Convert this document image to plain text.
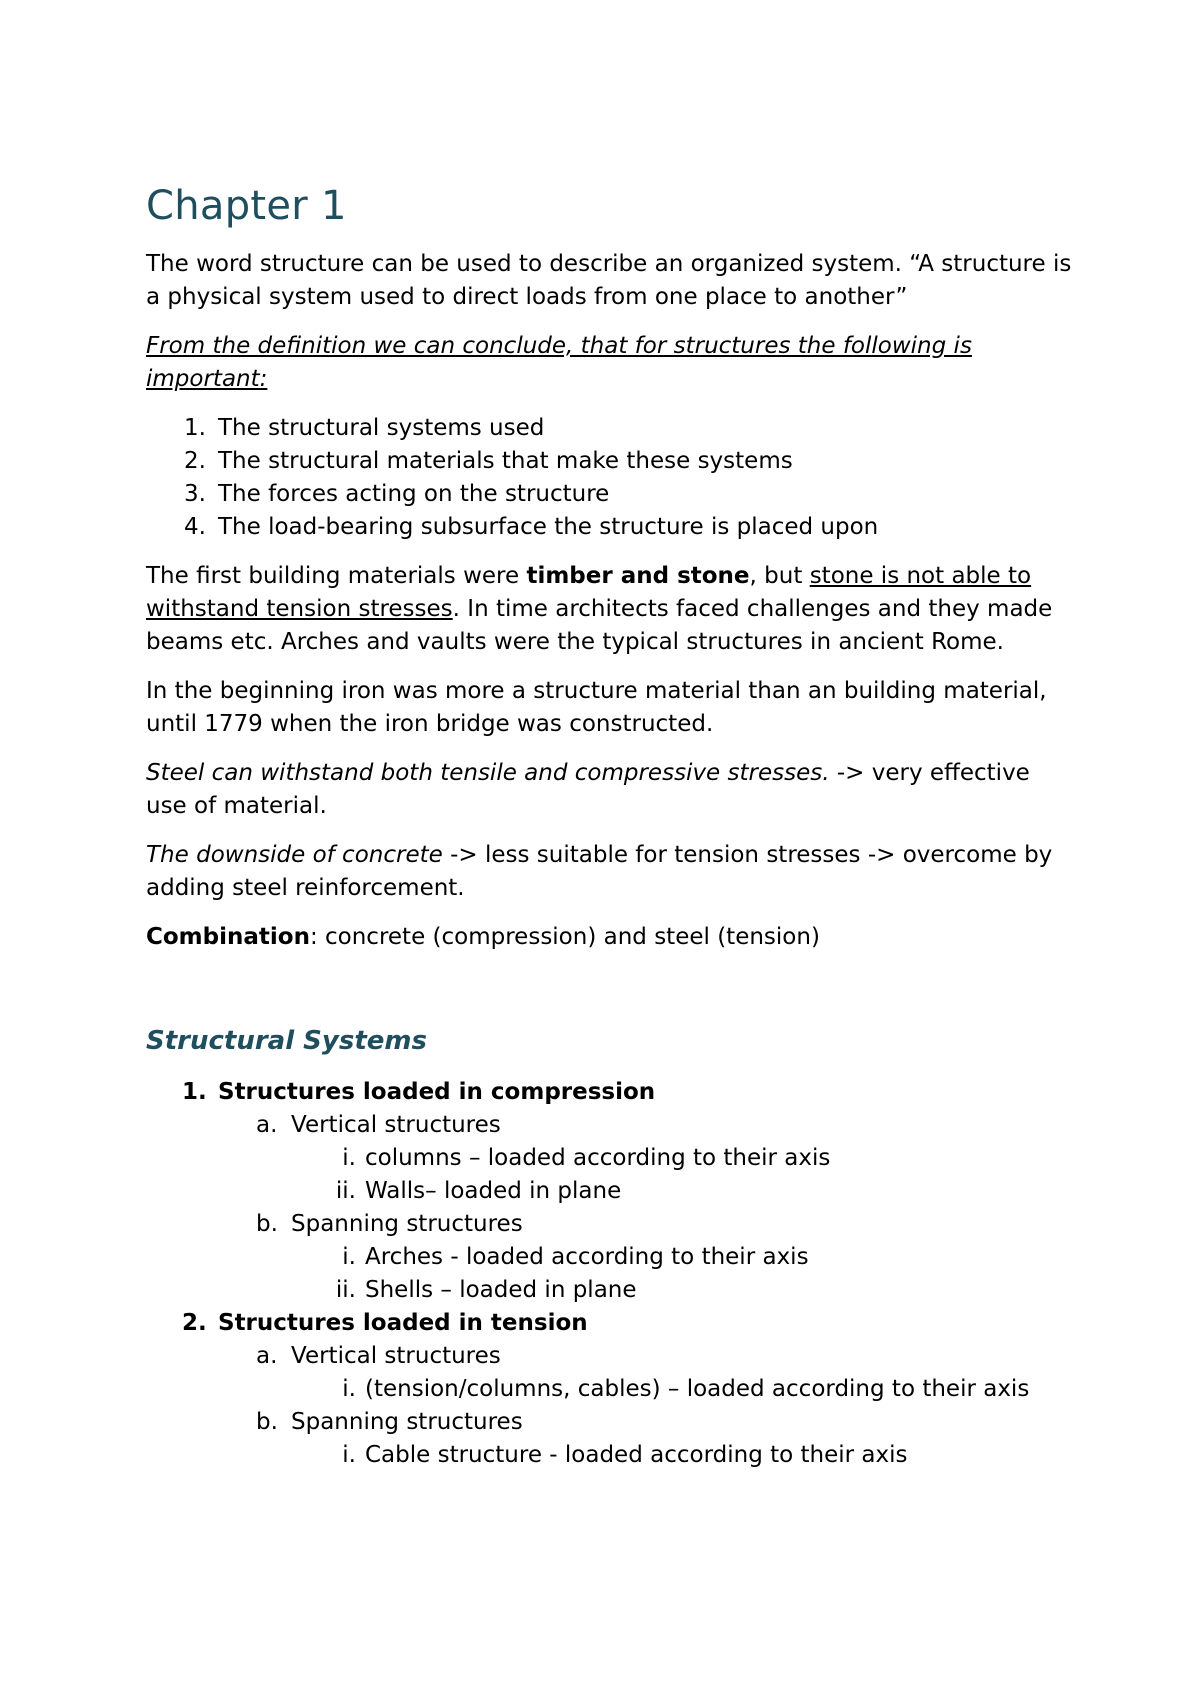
Chapter 1

The word structure can be used to describe an organized system. “A structure is a physical system used to direct loads from one place to another”

From the definition we can conclude, that for structures the following is important:

1. The structural systems used
2. The structural materials that make these systems
3. The forces acting on the structure
4. The load-bearing subsurface the structure is placed upon

The first building materials were timber and stone, but stone is not able to withstand tension stresses. In time architects faced challenges and they made beams etc. Arches and vaults were the typical structures in ancient Rome.

In the beginning iron was more a structure material than an building material, until 1779 when the iron bridge was constructed.

Steel can withstand both tensile and compressive stresses. -> very effective use of material.

The downside of concrete -> less suitable for tension stresses -> overcome by adding steel reinforcement.

Combination: concrete (compression) and steel (tension)

Structural Systems
1. Structures loaded in compression
a. Vertical structures
i. columns – loaded according to their axis
ii. Walls– loaded in plane
b. Spanning structures
i. Arches - loaded according to their axis
ii. Shells – loaded in plane
2. Structures loaded in tension
a. Vertical structures
i. (tension/columns, cables) – loaded according to their axis
b. Spanning structures
i. Cable structure - loaded according to their axis
